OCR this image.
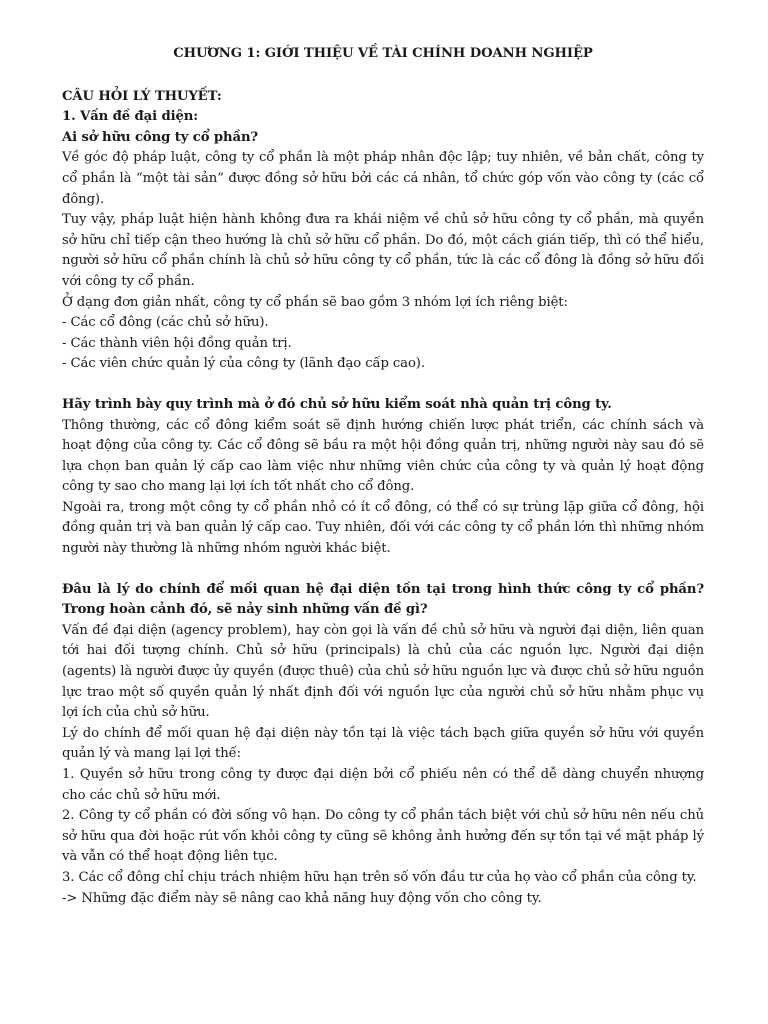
CHƯƠNG 1: GIỚI THIỆU VỀ TÀI CHÍNH DOANH NGHIỆP

CÂU HỎI LÝ THUYẾT:

1. Vấn đề đại diện:

Ai sở hữu công ty cổ phần?

Về góc độ pháp luật, công ty cổ phần là một pháp nhân độc lập; tuy nhiên, về bản chất, công ty cổ phần là “một tài sản” được đồng sở hữu bởi các cá nhân, tổ chức góp vốn vào công ty (các cổ đông).

Tuy vậy, pháp luật hiện hành không đưa ra khái niệm về chủ sở hữu công ty cổ phần, mà quyền sở hữu chỉ tiếp cận theo hướng là chủ sở hữu cổ phần. Do đó, một cách gián tiếp, thì có thể hiểu, người sở hữu cổ phần chính là chủ sở hữu công ty cổ phần, tức là các cổ đông là đồng sở hữu đối với công ty cổ phần.

Ở dạng đơn giản nhất, công ty cổ phần sẽ bao gồm 3 nhóm lợi ích riêng biệt:

- Các cổ đông (các chủ sở hữu).

- Các thành viên hội đồng quản trị.

- Các viên chức quản lý của công ty (lãnh đạo cấp cao).

Hãy trình bày quy trình mà ở đó chủ sở hữu kiểm soát nhà quản trị công ty.

Thông thường, các cổ đông kiểm soát sẽ định hướng chiến lược phát triển, các chính sách và hoạt động của công ty. Các cổ đông sẽ bầu ra một hội đồng quản trị, những người này sau đó sẽ lựa chọn ban quản lý cấp cao làm việc như những viên chức của công ty và quản lý hoạt động công ty sao cho mang lại lợi ích tốt nhất cho cổ đông.

Ngoài ra, trong một công ty cổ phần nhỏ có ít cổ đông, có thể có sự trùng lặp giữa cổ đông, hội đồng quản trị và ban quản lý cấp cao. Tuy nhiên, đối với các công ty cổ phần lớn thì những nhóm người này thường là những nhóm người khác biệt.

Đâu là lý do chính để mối quan hệ đại diện tồn tại trong hình thức công ty cổ phần? Trong hoàn cảnh đó, sẽ nảy sinh những vấn đề gì?

Vấn đề đại diện (agency problem), hay còn gọi là vấn đề chủ sở hữu và người đại diện, liên quan tới hai đối tượng chính. Chủ sở hữu (principals) là chủ của các nguồn lực. Người đại diện (agents) là người được ủy quyền (được thuê) của chủ sở hữu nguồn lực và được chủ sở hữu nguồn lực trao một số quyền quản lý nhất định đối với nguồn lực của người chủ sở hữu nhằm phục vụ lợi ích của chủ sở hữu.

Lý do chính để mối quan hệ đại diện này tồn tại là việc tách bạch giữa quyền sở hữu với quyền quản lý và mang lại lợi thế:

1. Quyền sở hữu trong công ty được đại diện bởi cổ phiếu nên có thể dễ dàng chuyển nhượng cho các chủ sở hữu mới.

2. Công ty cổ phần có đời sống vô hạn. Do công ty cổ phần tách biệt với chủ sở hữu nên nếu chủ sở hữu qua đời hoặc rút vốn khỏi công ty cũng sẽ không ảnh hưởng đến sự tồn tại về mặt pháp lý và vẫn có thể hoạt động liên tục.

3. Các cổ đông chỉ chịu trách nhiệm hữu hạn trên số vốn đầu tư của họ vào cổ phần của công ty.

-> Những đặc điểm này sẽ nâng cao khả năng huy động vốn cho công ty.
